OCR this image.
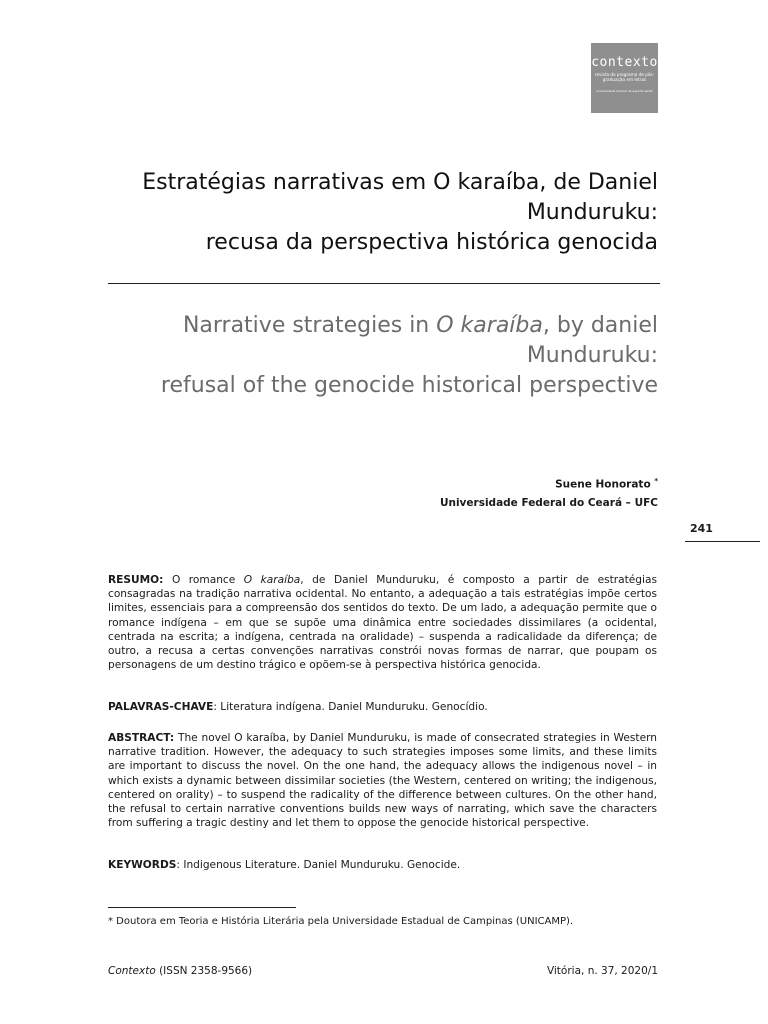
contexto
revista do programa de pós-graduação em letras
universidade federal do espírito santo
Estratégias narrativas em O karaíba, de Daniel
Munduruku:
recusa da perspectiva histórica genocida
Narrative strategies in O karaíba, by daniel
Munduruku:
refusal of the genocide historical perspective
Suene Honorato *
Universidade Federal do Ceará – UFC
241
RESUMO: O romance O karaíba, de Daniel Munduruku, é composto a partir de estratégias consagradas na tradição narrativa ocidental. No entanto, a adequação a tais estratégias impõe certos limites, essenciais para a compreensão dos sentidos do texto. De um lado, a adequação permite que o romance indígena – em que se supõe uma dinâmica entre sociedades dissimilares (a ocidental, centrada na escrita; a indígena, centrada na oralidade) – suspenda a radicalidade da diferença; de outro, a recusa a certas convenções narrativas constrói novas formas de narrar, que poupam os personagens de um destino trágico e opõem-se à perspectiva histórica genocida.
PALAVRAS-CHAVE: Literatura indígena. Daniel Munduruku. Genocídio.
ABSTRACT: The novel O karaíba, by Daniel Munduruku, is made of consecrated strategies in Western narrative tradition. However, the adequacy to such strategies imposes some limits, and these limits are important to discuss the novel. On the one hand, the adequacy allows the indigenous novel – in which exists a dynamic between dissimilar societies (the Western, centered on writing; the indigenous, centered on orality) – to suspend the radicality of the difference between cultures. On the other hand, the refusal to certain narrative conventions builds new ways of narrating, which save the characters from suffering a tragic destiny and let them to oppose the genocide historical perspective.
KEYWORDS: Indigenous Literature. Daniel Munduruku. Genocide.
* Doutora em Teoria e História Literária pela Universidade Estadual de Campinas (UNICAMP).
Contexto (ISSN 2358-9566)	Vitória, n. 37, 2020/1
